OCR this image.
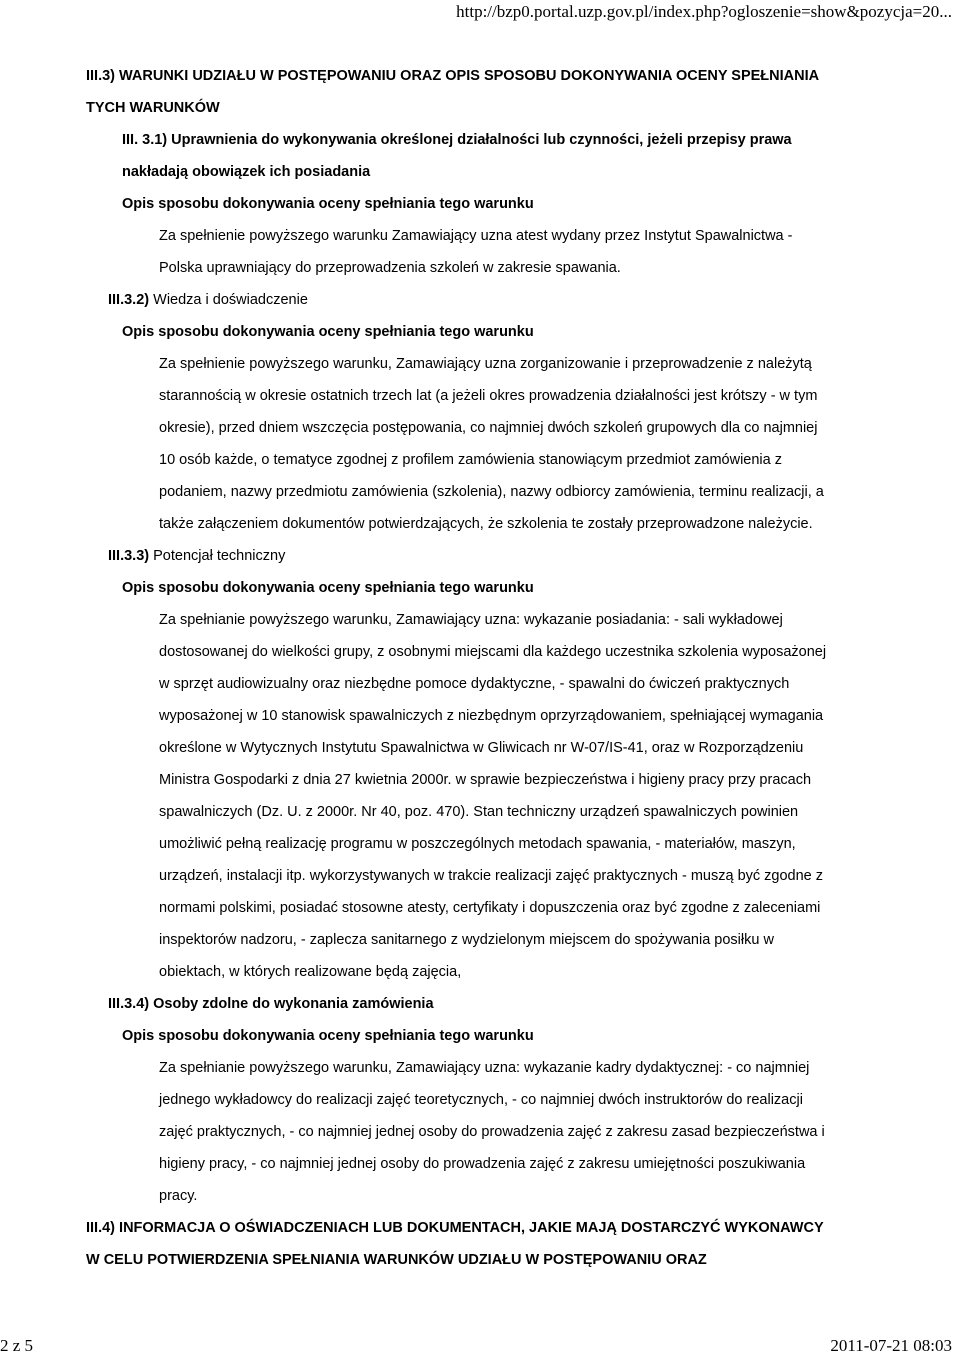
http://bzp0.portal.uzp.gov.pl/index.php?ogloszenie=show&pozycja=20...

III.3) WARUNKI UDZIAŁU W POSTĘPOWANIU ORAZ OPIS SPOSOBU DOKONYWANIA OCENY SPEŁNIANIA

TYCH WARUNKÓW

III. 3.1) Uprawnienia do wykonywania określonej działalności lub czynności, jeżeli przepisy prawa

nakładają obowiązek ich posiadania

Opis sposobu dokonywania oceny spełniania tego warunku

Za spełnienie powyższego warunku Zamawiający uzna atest wydany przez Instytut Spawalnictwa -

Polska uprawniający do przeprowadzenia szkoleń w zakresie spawania.

III.3.2) Wiedza i doświadczenie

Opis sposobu dokonywania oceny spełniania tego warunku

Za spełnienie powyższego warunku, Zamawiający uzna zorganizowanie i przeprowadzenie z należytą

starannością w okresie ostatnich trzech lat (a jeżeli okres prowadzenia działalności jest krótszy - w tym

okresie), przed dniem wszczęcia postępowania, co najmniej dwóch szkoleń grupowych dla co najmniej

10 osób każde, o tematyce zgodnej z profilem zamówienia stanowiącym przedmiot zamówienia z

podaniem, nazwy przedmiotu zamówienia (szkolenia), nazwy odbiorcy zamówienia, terminu realizacji, a

także załączeniem dokumentów potwierdzających, że szkolenia te zostały przeprowadzone należycie.

III.3.3) Potencjał techniczny

Opis sposobu dokonywania oceny spełniania tego warunku

Za spełnianie powyższego warunku, Zamawiający uzna: wykazanie posiadania: - sali wykładowej

dostosowanej do wielkości grupy, z osobnymi miejscami dla każdego uczestnika szkolenia wyposażonej

w sprzęt audiowizualny oraz niezbędne pomoce dydaktyczne, - spawalni do ćwiczeń praktycznych

wyposażonej w 10 stanowisk spawalniczych z niezbędnym oprzyrządowaniem, spełniającej wymagania

określone w Wytycznych Instytutu Spawalnictwa w Gliwicach nr W-07/IS-41, oraz w Rozporządzeniu

Ministra Gospodarki z dnia 27 kwietnia 2000r. w sprawie bezpieczeństwa i higieny pracy przy pracach

spawalniczych (Dz. U. z 2000r. Nr 40, poz. 470). Stan techniczny urządzeń spawalniczych powinien

umożliwić pełną realizację programu w poszczególnych metodach spawania, - materiałów, maszyn,

urządzeń, instalacji itp. wykorzystywanych w trakcie realizacji zajęć praktycznych - muszą być zgodne z

normami polskimi, posiadać stosowne atesty, certyfikaty i dopuszczenia oraz być zgodne z zaleceniami

inspektorów nadzoru, - zaplecza sanitarnego z wydzielonym miejscem do spożywania posiłku w

obiektach, w których realizowane będą zajęcia,

III.3.4) Osoby zdolne do wykonania zamówienia

Opis sposobu dokonywania oceny spełniania tego warunku

Za spełnianie powyższego warunku, Zamawiający uzna: wykazanie kadry dydaktycznej: - co najmniej

jednego wykładowcy do realizacji zajęć teoretycznych, - co najmniej dwóch instruktorów do realizacji

zajęć praktycznych, - co najmniej jednej osoby do prowadzenia zajęć z zakresu zasad bezpieczeństwa i

higieny pracy, - co najmniej jednej osoby do prowadzenia zajęć z zakresu umiejętności poszukiwania

pracy.

III.4) INFORMACJA O OŚWIADCZENIACH LUB DOKUMENTACH, JAKIE MAJĄ DOSTARCZYĆ WYKONAWCY

W CELU POTWIERDZENIA SPEŁNIANIA WARUNKÓW UDZIAŁU W POSTĘPOWANIU ORAZ

2 z 5	2011-07-21 08:03
